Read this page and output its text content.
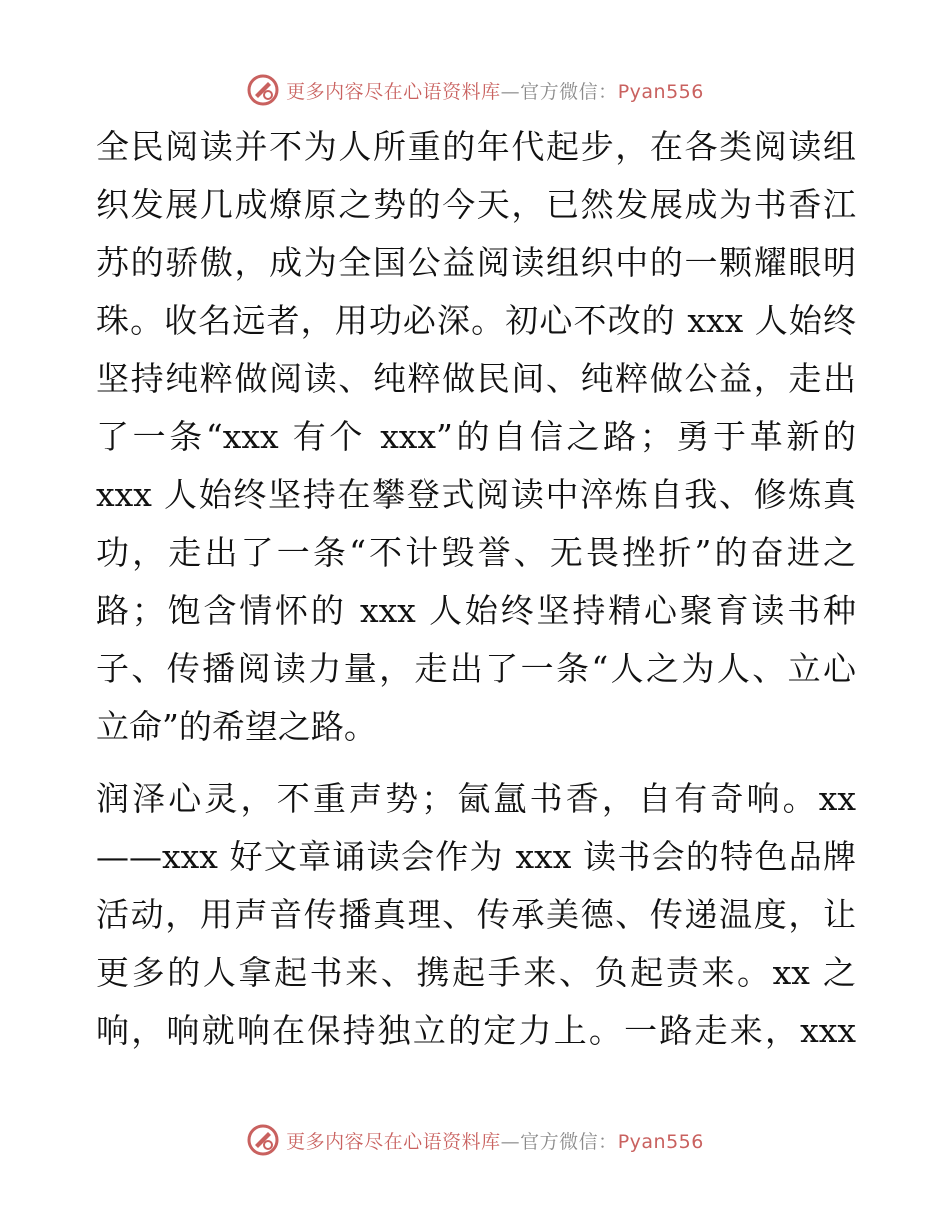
更多内容尽在心语资料库—官方微信：Pyan556

全民阅读并不为人所重的年代起步，在各类阅读组
织发展几成燎原之势的今天，已然发展成为书香江
苏的骄傲，成为全国公益阅读组织中的一颗耀眼明
珠。收名远者，用功必深。初心不改的 xxx 人始终
坚持纯粹做阅读、纯粹做民间、纯粹做公益，走出
了一条“xxx 有个 xxx”的自信之路；勇于革新的
xxx 人始终坚持在攀登式阅读中淬炼自我、修炼真
功，走出了一条“不计毁誉、无畏挫折”的奋进之
路；饱含情怀的 xxx 人始终坚持精心聚育读书种
子、传播阅读力量，走出了一条“人之为人、立心
立命”的希望之路。

润泽心灵，不重声势；氤氲书香，自有奇响。xx
——xxx 好文章诵读会作为 xxx 读书会的特色品牌
活动，用声音传播真理、传承美德、传递温度，让
更多的人拿起书来、携起手来、负起责来。xx 之
响，响就响在保持独立的定力上。一路走来，xxx

更多内容尽在心语资料库—官方微信：Pyan556
